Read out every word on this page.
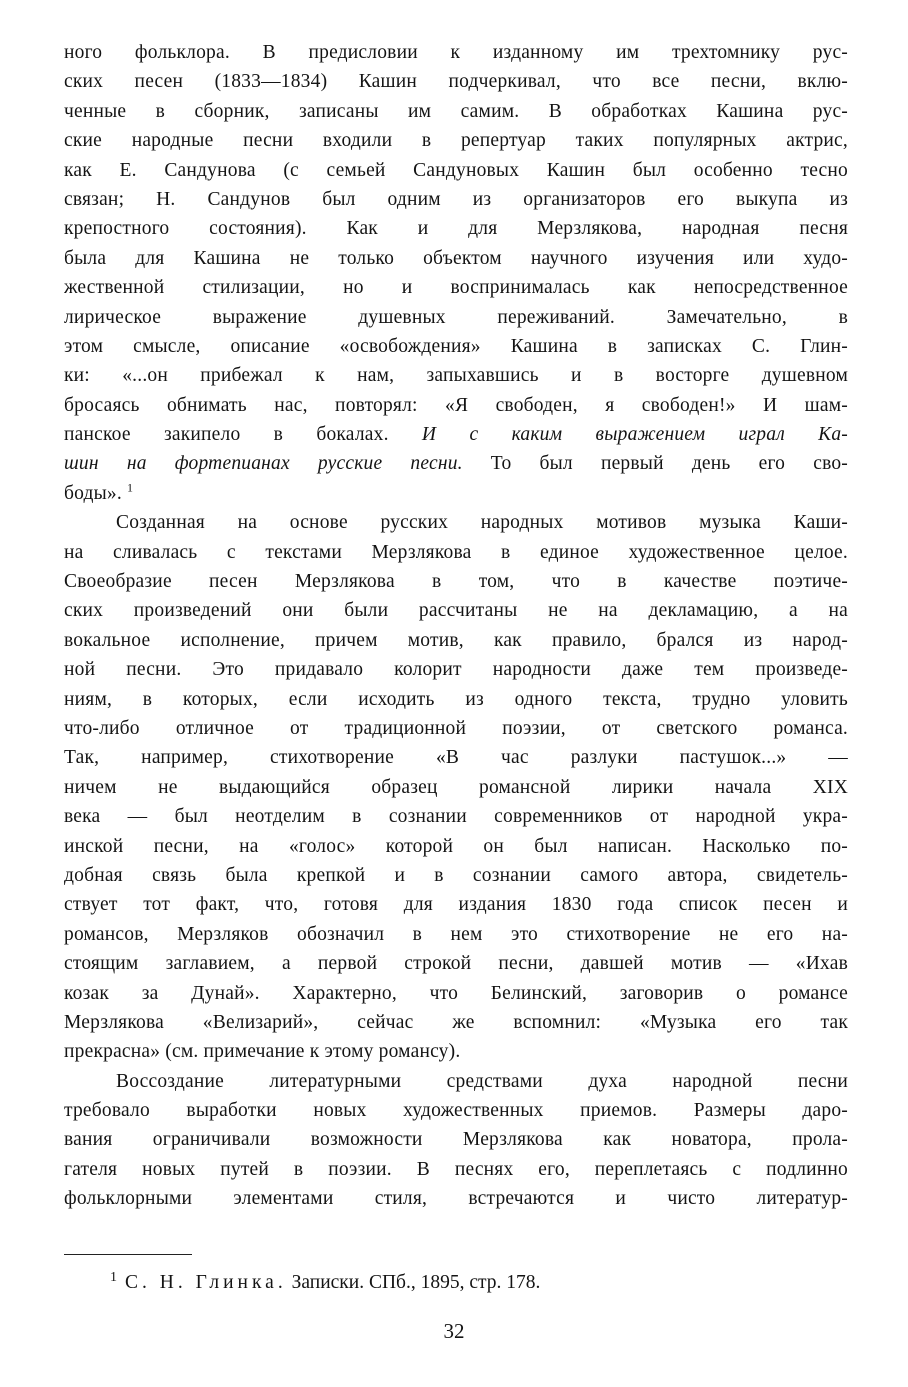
ного фольклора. В предисловии к изданному им трехтомнику рус-
ских песен (1833—1834) Кашин подчеркивал, что все песни, вклю-
ченные в сборник, записаны им самим. В обработках Кашина рус-
ские народные песни входили в репертуар таких популярных актрис,
как Е. Сандунова (с семьей Сандуновых Кашин был особенно тесно
связан; Н. Сандунов был одним из организаторов его выкупа из
крепостного состояния). Как и для Мерзлякова, народная песня
была для Кашина не только объектом научного изучения или худо-
жественной стилизации, но и воспринималась как непосредственное
лирическое выражение душевных переживаний. Замечательно, в
этом смысле, описание «освобождения» Кашина в записках С. Глин-
ки: «...он прибежал к нам, запыхавшись и в восторге душевном
бросаясь обнимать нас, повторял: «Я свободен, я свободен!» И шам-
панское закипело в бокалах. И с каким выражением играл Ка-
шин на фортепианах русские песни. То был первый день его сво-
боды». $^1$
Созданная на основе русских народных мотивов музыка Каши-
на сливалась с текстами Мерзлякова в единое художественное целое.
Своеобразие песен Мерзлякова в том, что в качестве поэтиче-
ских произведений они были рассчитаны не на декламацию, а на
вокальное исполнение, причем мотив, как правило, брался из народ-
ной песни. Это придавало колорит народности даже тем произведе-
ниям, в которых, если исходить из одного текста, трудно уловить
что-либо отличное от традиционной поэзии, от светского романса.
Так, например, стихотворение «В час разлуки пастушок...» —
ничем не выдающийся образец романсной лирики начала XIX
века — был неотделим в сознании современников от народной укра-
инской песни, на «голос» которой он был написан. Насколько по-
добная связь была крепкой и в сознании самого автора, свидетель-
ствует тот факт, что, готовя для издания 1830 года список песен и
романсов, Мерзляков обозначил в нем это стихотворение не его на-
стоящим заглавием, а первой строкой песни, давшей мотив — «Ихав
козак за Дунай». Характерно, что Белинский, заговорив о романсе
Мерзлякова «Велизарий», сейчас же вспомнил: «Музыка его так
прекрасна» (см. примечание к этому романсу).
Воссоздание литературными средствами духа народной песни
требовало выработки новых художественных приемов. Размеры даро-
вания ограничивали возможности Мерзлякова как новатора, прола-
гателя новых путей в поэзии. В песнях его, переплетаясь с подлинно
фольклорными элементами стиля, встречаются и чисто литератур-
$^1$ С. Н. Глинка. Записки. СПб., 1895, стр. 178.
32
